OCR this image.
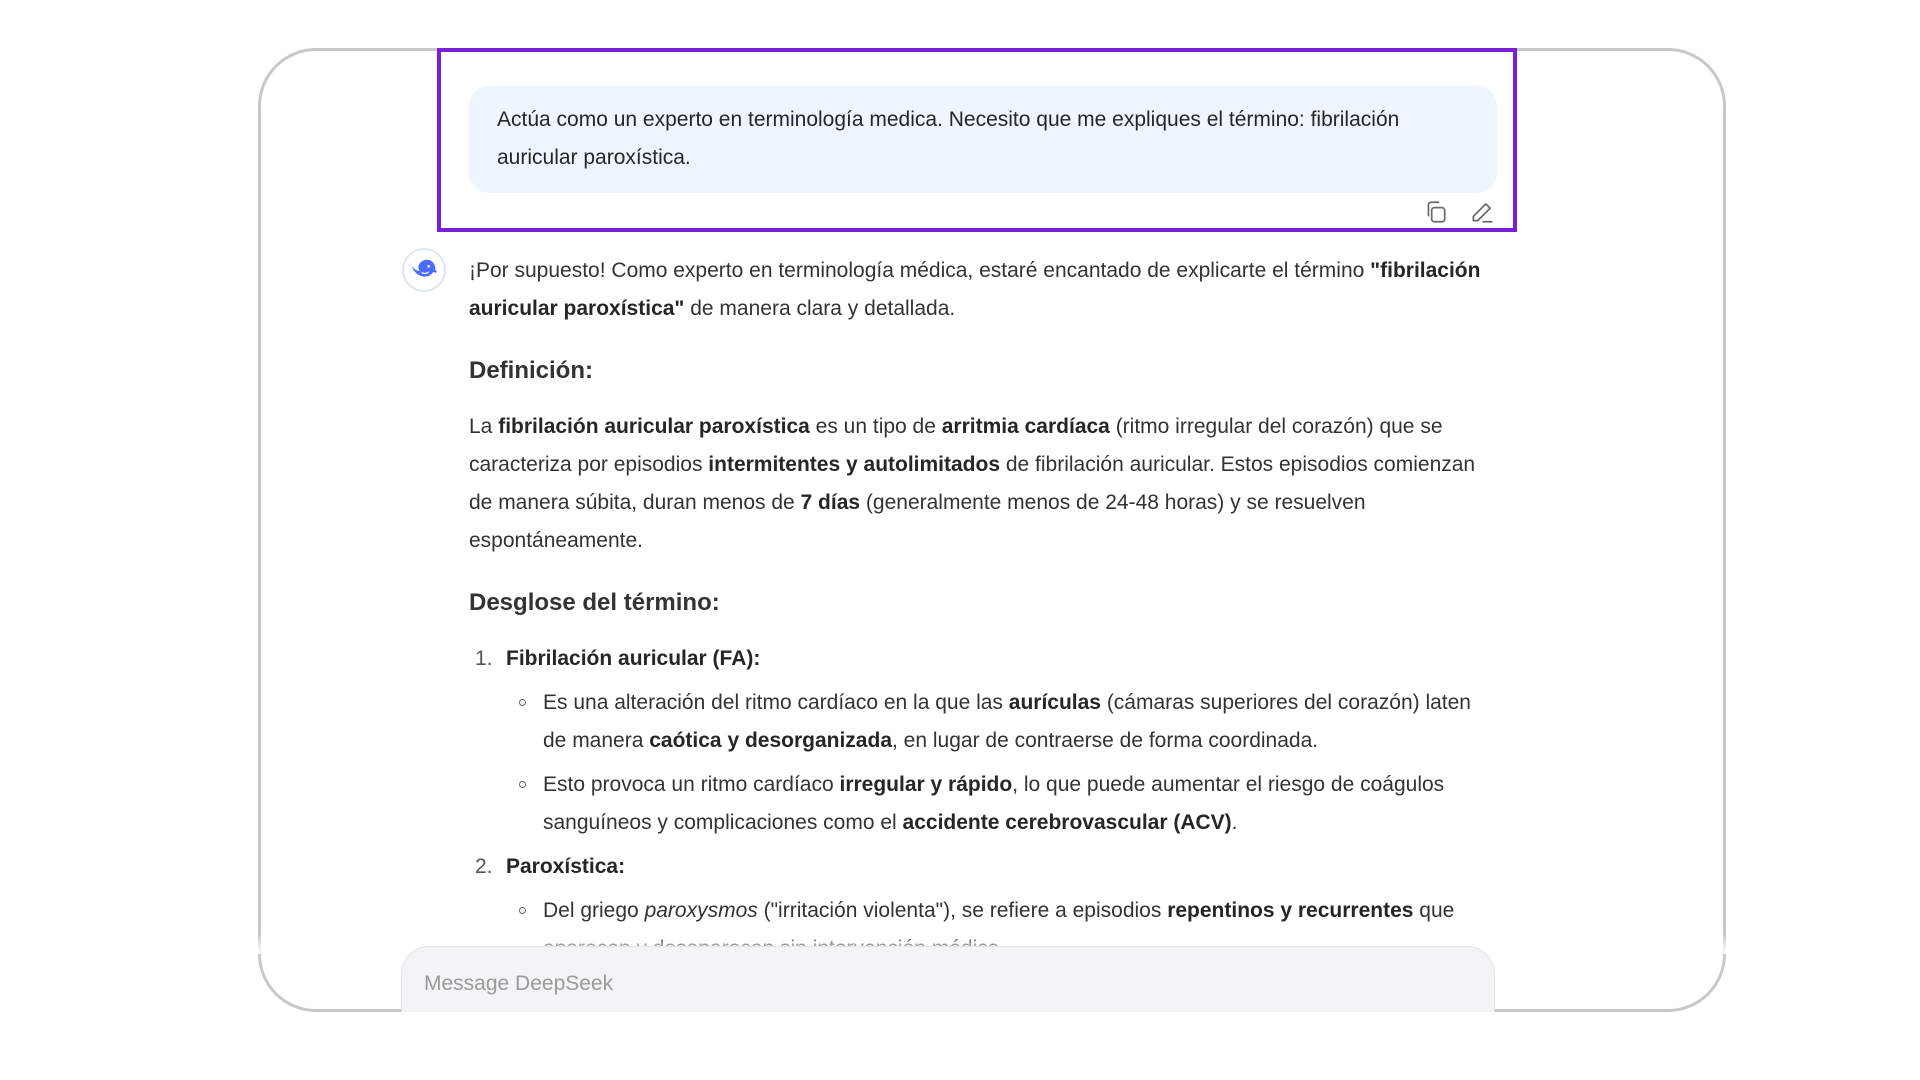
Actúa como un experto en terminología medica. Necesito que me expliques el término: fibrilación auricular paroxística.

¡Por supuesto! Como experto en terminología médica, estaré encantado de explicarte el término "fibrilación auricular paroxística" de manera clara y detallada.

Definición:

La fibrilación auricular paroxística es un tipo de arritmia cardíaca (ritmo irregular del corazón) que se caracteriza por episodios intermitentes y autolimitados de fibrilación auricular. Estos episodios comienzan de manera súbita, duran menos de 7 días (generalmente menos de 24-48 horas) y se resuelven espontáneamente.

Desglose del término:
1. Fibrilación auricular (FA):
Es una alteración del ritmo cardíaco en la que las aurículas (cámaras superiores del corazón) laten de manera caótica y desorganizada, en lugar de contraerse de forma coordinada.
Esto provoca un ritmo cardíaco irregular y rápido, lo que puede aumentar el riesgo de coágulos sanguíneos y complicaciones como el accidente cerebrovascular (ACV).
2. Paroxística:
Del griego paroxysmos ("irritación violenta"), se refiere a episodios repentinos y recurrentes que
Message DeepSeek
